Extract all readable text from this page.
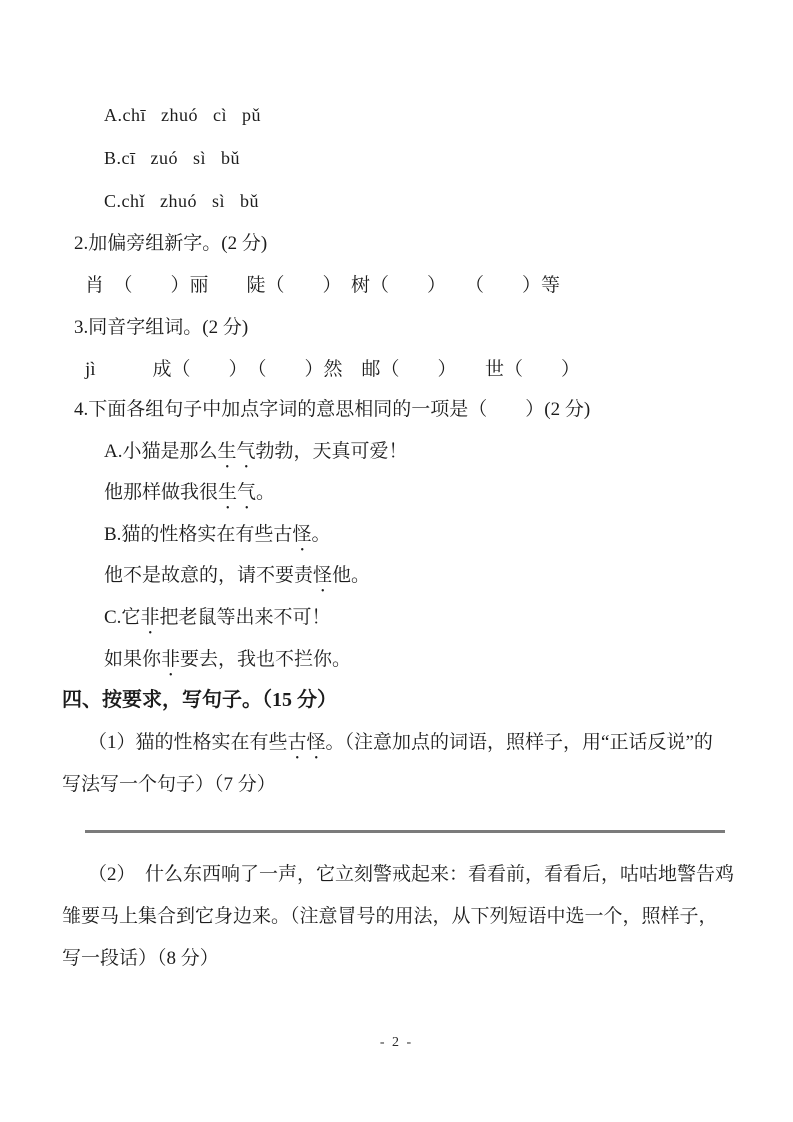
A.chī   zhuó   cì   pǔ
B.cī   zuó   sì   bǔ
C.chǐ   zhuó   sì   bǔ
2.加偏旁组新字。(2 分)
肖　（　　）丽　　陡（　　）　树（　　）　　（　　）等
3.同音字组词。(2 分)
jì　　　成（　　）　（　　）然　邮（　　）　　世（　　）
4.下面各组句子中加点字词的意思相同的一项是（　　）(2 分)
A.小猫是那么生气勃勃，天真可爱！
他那样做我很生气。
B.猫的性格实在有些古怪。
他不是故意的，请不要责怪他。
C.它非把老鼠等出来不可！
如果你非要去，我也不拦你。
四、按要求，写句子。（15 分）
（1）猫的性格实在有些古怪。（注意加点的词语，照样子，用“正话反说”的
写法写一个句子）（7 分）
（2）　什么东西响了一声，它立刻警戒起来：看看前，看看后，咕咕地警告鸡
雏要马上集合到它身边来。（注意冒号的用法，从下列短语中选一个，照样子，
写一段话）（8 分）
- 2 -
